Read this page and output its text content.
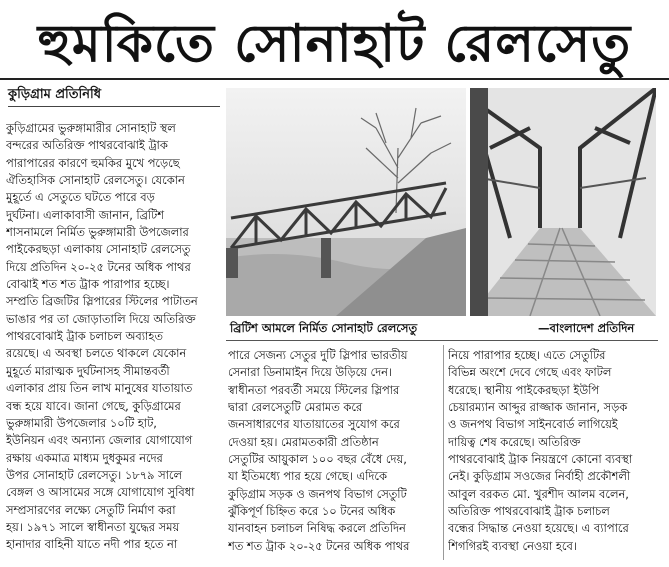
হুমকিতে সোনাহাট রেলসেতু
কুড়িগ্রাম প্রতিনিধি
কুড়িগ্রামের ভুরুঙ্গামারীর সোনাহাট স্থল
বন্দরের অতিরিক্ত পাথরবোঝাই ট্রাক
পারাপারের কারণে হুমকির মুখে পড়েছে
ঐতিহাসিক সোনাহাট রেলসেতু। যেকোন
মুহূর্তে এ সেতুতে ঘটতে পারে বড়
দুর্ঘটনা। এলাকাবাসী জানান, ব্রিটিশ
শাসনামলে নির্মিত ভুরুঙ্গামারী উপজেলার
পাইকেরছড়া এলাকায় সোনাহাট রেলসেতু
দিয়ে প্রতিদিন ২০-২৫ টনের অধিক পাথর
বোঝাই শত শত ট্রাক পারাপার হচ্ছে।
সম্প্রতি ব্রিজটির স্লিপারের স্টিলের পাটাতন
ভাঙার পর তা জোড়াতালি দিয়ে অতিরিক্ত
পাথরবোঝাই ট্রাক চলাচল অব্যাহত
রয়েছে। এ অবস্থা চলতে থাকলে যেকোন
মুহূর্তে মারাত্মক দুর্ঘটনাসহ সীমান্তবর্তী
এলাকার প্রায় তিন লাখ মানুষের যাতায়াত
বন্ধ হয়ে যাবে। জানা গেছে, কুড়িগ্রামের
ভুরুঙ্গামারী উপজেলার ১০টি হাট,
ইউনিয়ন এবং অন্যান্য জেলার যোগাযোগ
রক্ষায় একমাত্র মাধ্যম দুধকুমর নদের
উপর সোনাহাট রেলসেতু। ১৮৭৯ সালে
বেঙ্গল ও আসামের সঙ্গে যোগাযোগ সুবিধা
সম্প্রসারণের লক্ষ্যে সেতুটি নির্মাণ করা
হয়। ১৯৭১ সালে স্বাধীনতা যুদ্ধের সময়
হানাদার বাহিনী যাতে নদী পার হতে না
ব্রিটিশ আমলে নির্মিত সোনাহাট রেলসেতু	—বাংলাদেশ প্রতিদিন
পারে সেজন্য সেতুর দুটি স্লিপার ভারতীয়
সেনারা ডিনামাইন দিয়ে উড়িয়ে দেন।
স্বাধীনতা পরবর্তী সময়ে স্টিলের স্লিপার
দ্বারা রেলসেতুটি মেরামত করে
জনসাধারণের যাতায়াতের সুযোগ করে
দেওয়া হয়। মেরামতকারী প্রতিষ্ঠান
সেতুটির আয়ুকাল ১০০ বছর বেঁধে দেয়,
যা ইতিমধ্যে পার হয়ে গেছে। এদিকে
কুড়িগ্রাম সড়ক ও জনপথ বিভাগ সেতুটি
ঝুঁকিপূর্ণ চিহ্নিত করে ১০ টনের অধিক
যানবাহন চলাচল নিষিদ্ধ করলে প্রতিদিন
শত শত ট্রাক ২০-২৫ টনের অধিক পাথর
নিয়ে পারাপার হচ্ছে। এতে সেতুটির
বিভিন্ন অংশে দেবে গেছে এবং ফাটল
ধরেছে। স্থানীয় পাইকেরছড়া ইউপি
চেয়ারম্যান আব্দুর রাজ্জাক জানান, সড়ক
ও জনপথ বিভাগ সাইনবোর্ড লাগিয়েই
দায়িত্ব শেষ করেছে। অতিরিক্ত
পাথরবোঝাই ট্রাক নিয়ন্ত্রণে কোনো ব্যবস্থা
নেই। কুড়িগ্রাম সওজের নির্বাহী প্রকৌশলী
আবুল বরকত মো. খুরশীদ আলম বলেন,
অতিরিক্ত পাথরবোঝাই ট্রাক চলাচল
বন্ধের সিদ্ধান্ত নেওয়া হয়েছে। এ ব্যাপারে
শিগগিরই ব্যবস্থা নেওয়া হবে।
